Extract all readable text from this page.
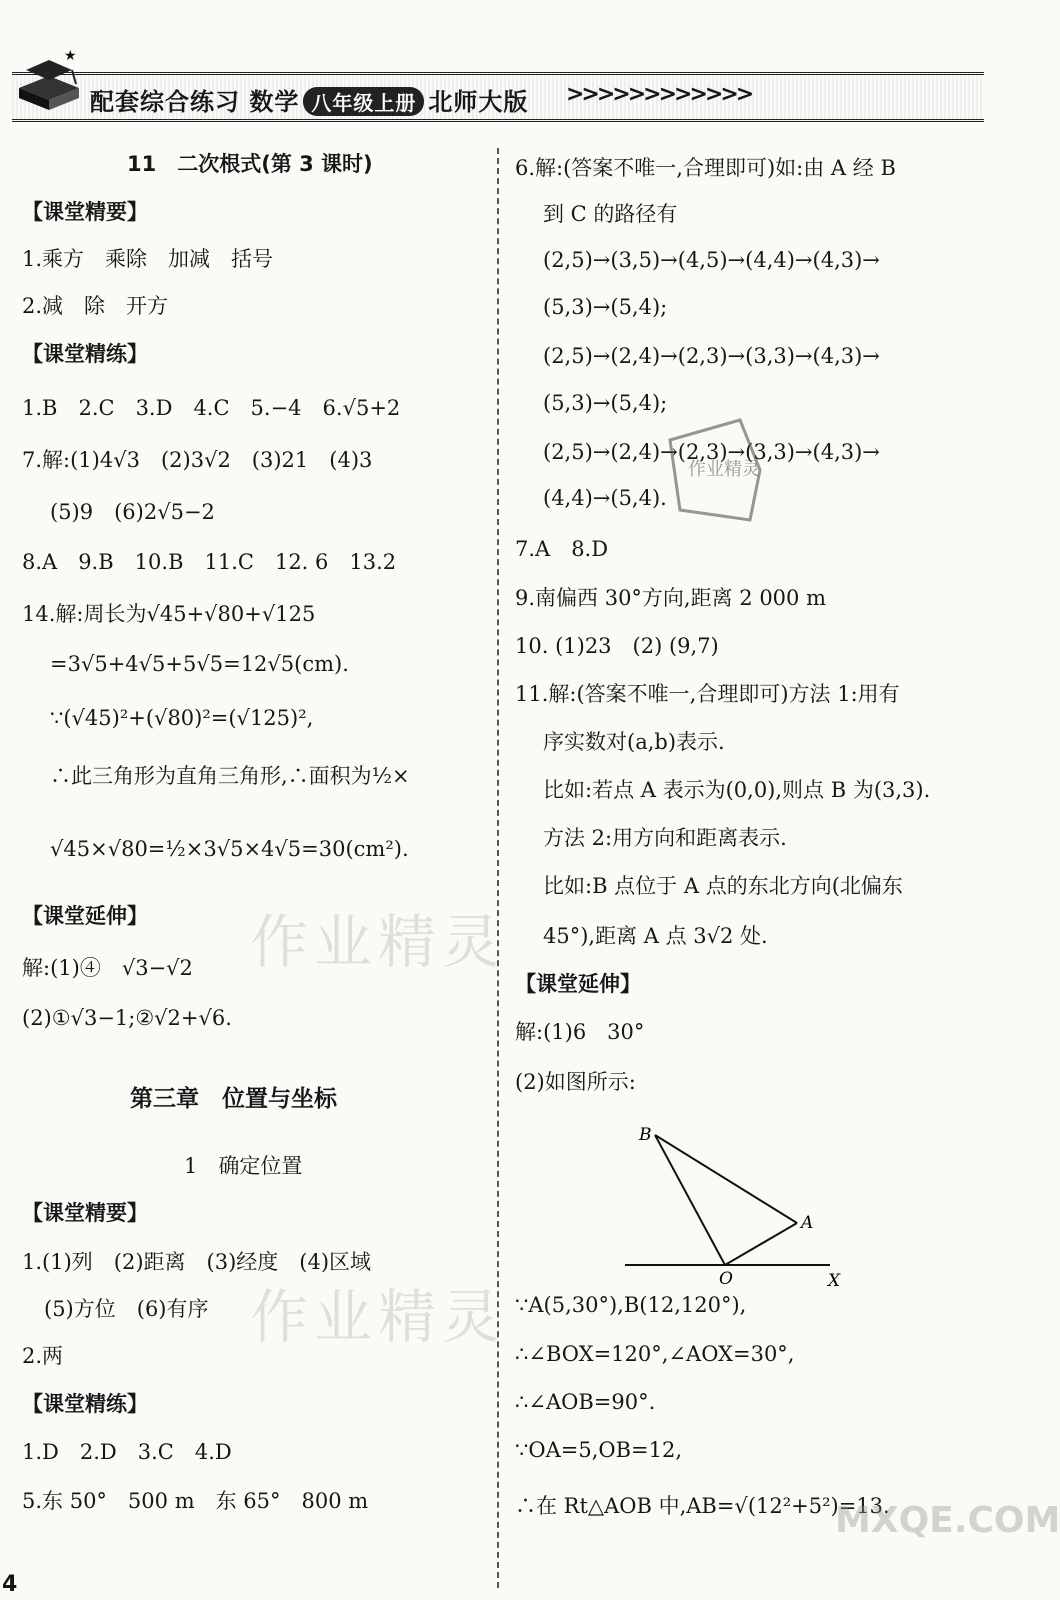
★
配套综合练习 数学 八年级上册 北师大版 >>>>>>>>>>>>
11　二次根式(第 3 课时)
【课堂精要】
1.乘方　乘除　加减　括号
2.减　除　开方
【课堂精练】
1.B　2.C　3.D　4.C　5.−4　6.√5+2
7.解:(1)4√3　(2)3√2　(3)21　(4)3
(5)9　(6)2√5−2
8.A　9.B　10.B　11.C　12. 6　13.2
14.解:周长为√45+√80+√125
=3√5+4√5+5√5=12√5(cm).
∵(√45)²+(√80)²=(√125)²,
∴此三角形为直角三角形,∴面积为½×
√45×√80=½×3√5×4√5=30(cm²).
【课堂延伸】
解:(1)④　√3−√2
(2)①√3−1;②√2+√6.
第三章　位置与坐标
1　确定位置
【课堂精要】
1.(1)列　(2)距离　(3)经度　(4)区域
(5)方位　(6)有序
2.两
【课堂精练】
1.D　2.D　3.C　4.D
5.东 50°　500 m　东 65°　800 m
6.解:(答案不唯一,合理即可)如:由 A 经 B
到 C 的路径有
(2,5)→(3,5)→(4,5)→(4,4)→(4,3)→
(5,3)→(5,4);
(2,5)→(2,4)→(2,3)→(3,3)→(4,3)→
(5,3)→(5,4);
(2,5)→(2,4)→(2,3)→(3,3)→(4,3)→
(4,4)→(5,4).
7.A　8.D
9.南偏西 30°方向,距离 2 000 m
10. (1)23　(2) (9,7)
11.解:(答案不唯一,合理即可)方法 1:用有
序实数对(a,b)表示.
比如:若点 A 表示为(0,0),则点 B 为(3,3).
方法 2:用方向和距离表示.
比如:B 点位于 A 点的东北方向(北偏东
45°),距离 A 点 3√2 处.
【课堂延伸】
解:(1)6　30°
(2)如图所示:
∵A(5,30°),B(12,120°),
∴∠BOX=120°,∠AOX=30°,
∴∠AOB=90°.
∵OA=5,OB=12,
∴在 Rt△AOB 中,AB=√(12²+5²)=13.
B
A
O	X
作业精灵
作业精灵
作业精灵
MXQE.COM
4
